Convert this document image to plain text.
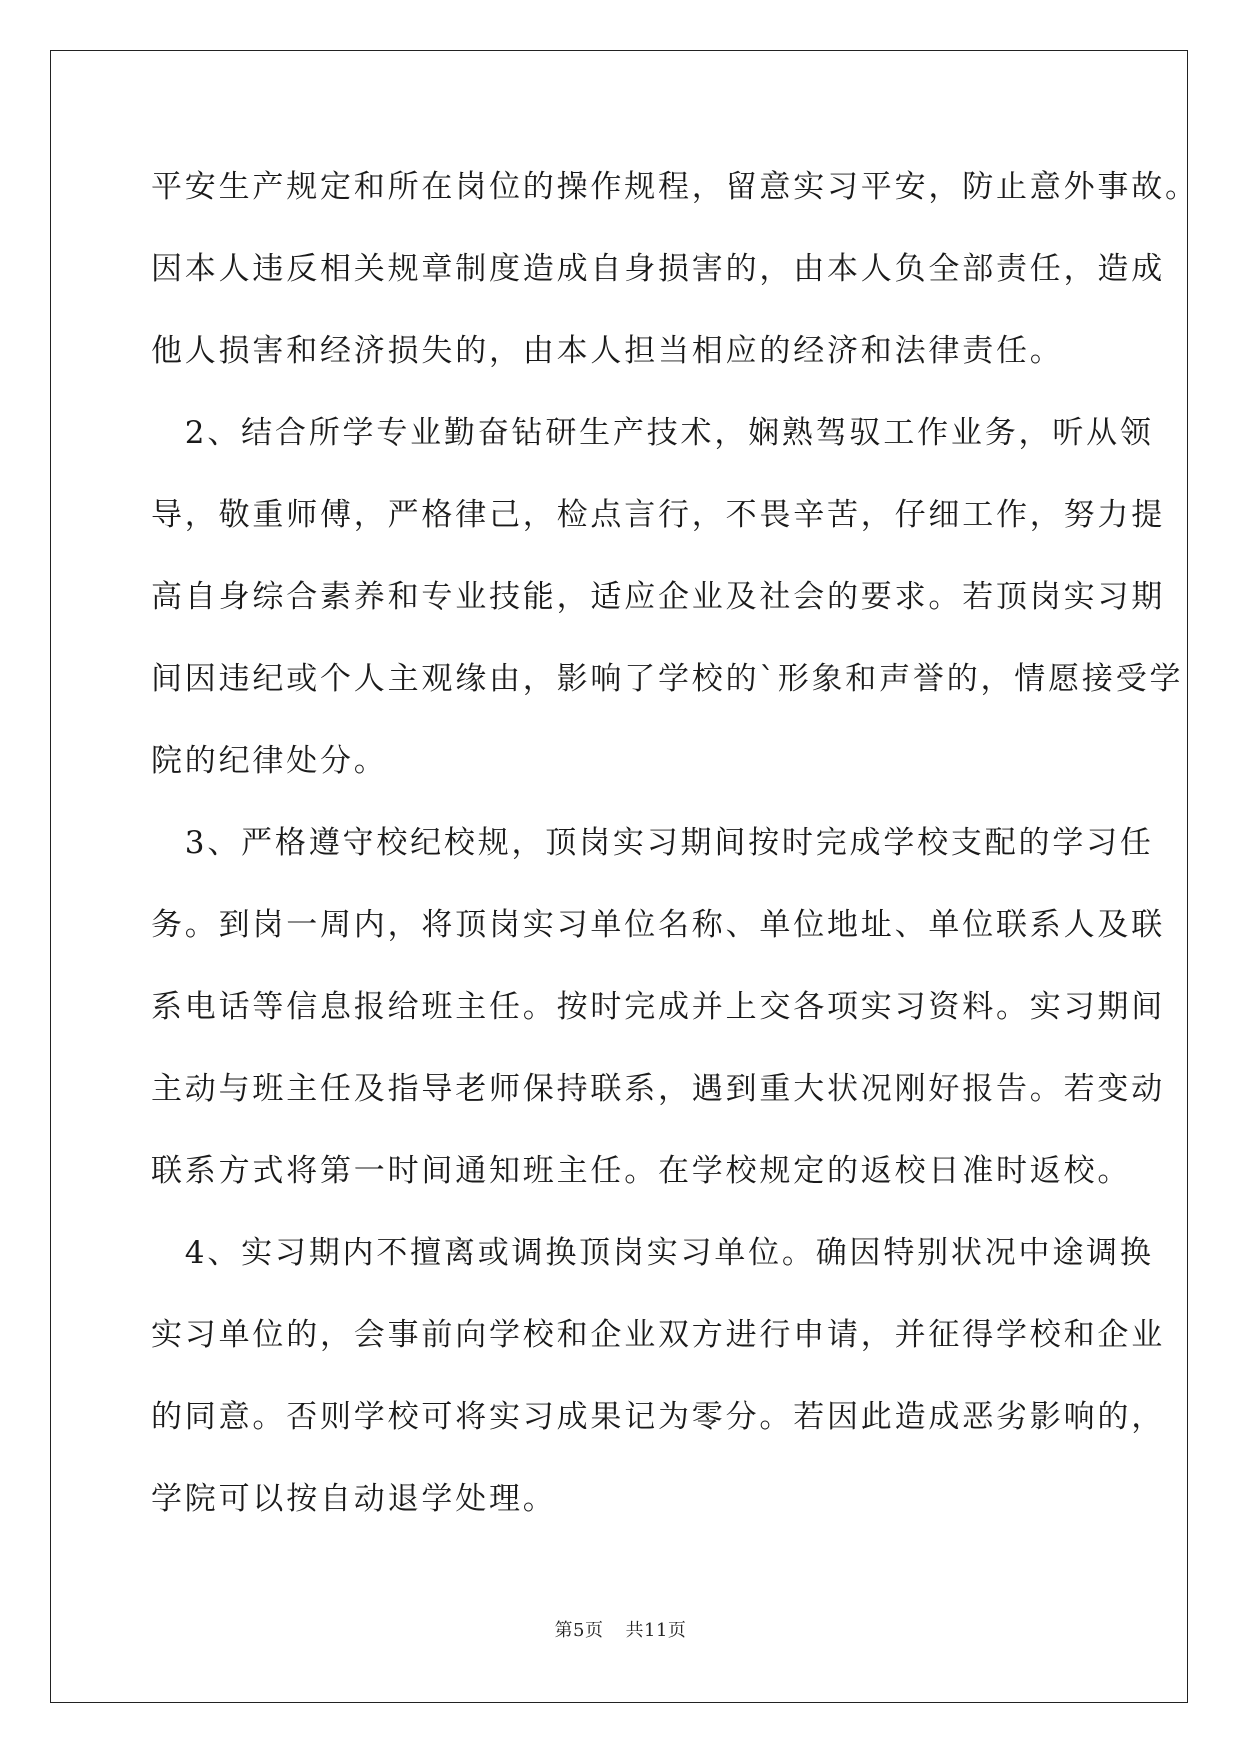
平安生产规定和所在岗位的操作规程，留意实习平安，防止意外事故。
因本人违反相关规章制度造成自身损害的，由本人负全部责任，造成
他人损害和经济损失的，由本人担当相应的经济和法律责任。
　2、结合所学专业勤奋钻研生产技术，娴熟驾驭工作业务，听从领
导，敬重师傅，严格律己，检点言行，不畏辛苦，仔细工作，努力提
高自身综合素养和专业技能，适应企业及社会的要求。若顶岗实习期
间因违纪或个人主观缘由，影响了学校的`形象和声誉的，情愿接受学
院的纪律处分。
　3、严格遵守校纪校规，顶岗实习期间按时完成学校支配的学习任
务。到岗一周内，将顶岗实习单位名称、单位地址、单位联系人及联
系电话等信息报给班主任。按时完成并上交各项实习资料。实习期间
主动与班主任及指导老师保持联系，遇到重大状况刚好报告。若变动
联系方式将第一时间通知班主任。在学校规定的返校日准时返校。
　4、实习期内不擅离或调换顶岗实习单位。确因特别状况中途调换
实习单位的，会事前向学校和企业双方进行申请，并征得学校和企业
的同意。否则学校可将实习成果记为零分。若因此造成恶劣影响的，
学院可以按自动退学处理。
第5页 共11页
